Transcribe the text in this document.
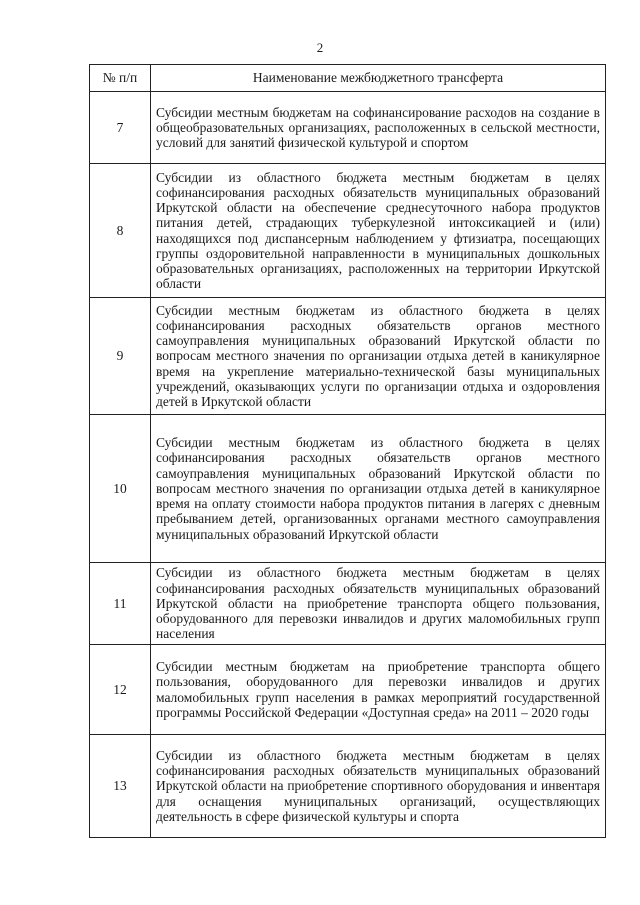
2
№ п/п	Наименование межбюджетного трансферта
7	Субсидии местным бюджетам на софинансирование расходов на создание в общеобразовательных организациях, расположенных в сельской местности, условий для занятий физической культурой и спортом
8	Субсидии из областного бюджета местным бюджетам в целях софинансирования расходных обязательств муниципальных образований Иркутской области на обеспечение среднесуточного набора продуктов питания детей, страдающих туберкулезной интоксикацией и (или) находящихся под диспансерным наблюдением у фтизиатра, посещающих группы оздоровительной направленности в муниципальных дошкольных образовательных организациях, расположенных на территории Иркутской области
9	Субсидии местным бюджетам из областного бюджета в целях софинансирования расходных обязательств органов местного самоуправления муниципальных образований Иркутской области по вопросам местного значения по организации отдыха детей в каникулярное время на укрепление материально-технической базы муниципальных учреждений, оказывающих услуги по организации отдыха и оздоровления детей в Иркутской области
10	Субсидии местным бюджетам из областного бюджета в целях софинансирования расходных обязательств органов местного самоуправления муниципальных образований Иркутской области по вопросам местного значения по организации отдыха детей в каникулярное время на оплату стоимости набора продуктов питания в лагерях с дневным пребыванием детей, организованных органами местного самоуправления муниципальных образований Иркутской области
11	Субсидии из областного бюджета местным бюджетам в целях софинансирования расходных обязательств муниципальных образований Иркутской области на приобретение транспорта общего пользования, оборудованного для перевозки инвалидов и других маломобильных групп населения
12	Субсидии местным бюджетам на приобретение транспорта общего пользования, оборудованного для перевозки инвалидов и других маломобильных групп населения в рамках мероприятий государственной программы Российской Федерации «Доступная среда» на 2011 – 2020 годы
13	Субсидии из областного бюджета местным бюджетам в целях софинансирования расходных обязательств муниципальных образований Иркутской области на приобретение спортивного оборудования и инвентаря для оснащения муниципальных организаций, осуществляющих деятельность в сфере физической культуры и спорта
